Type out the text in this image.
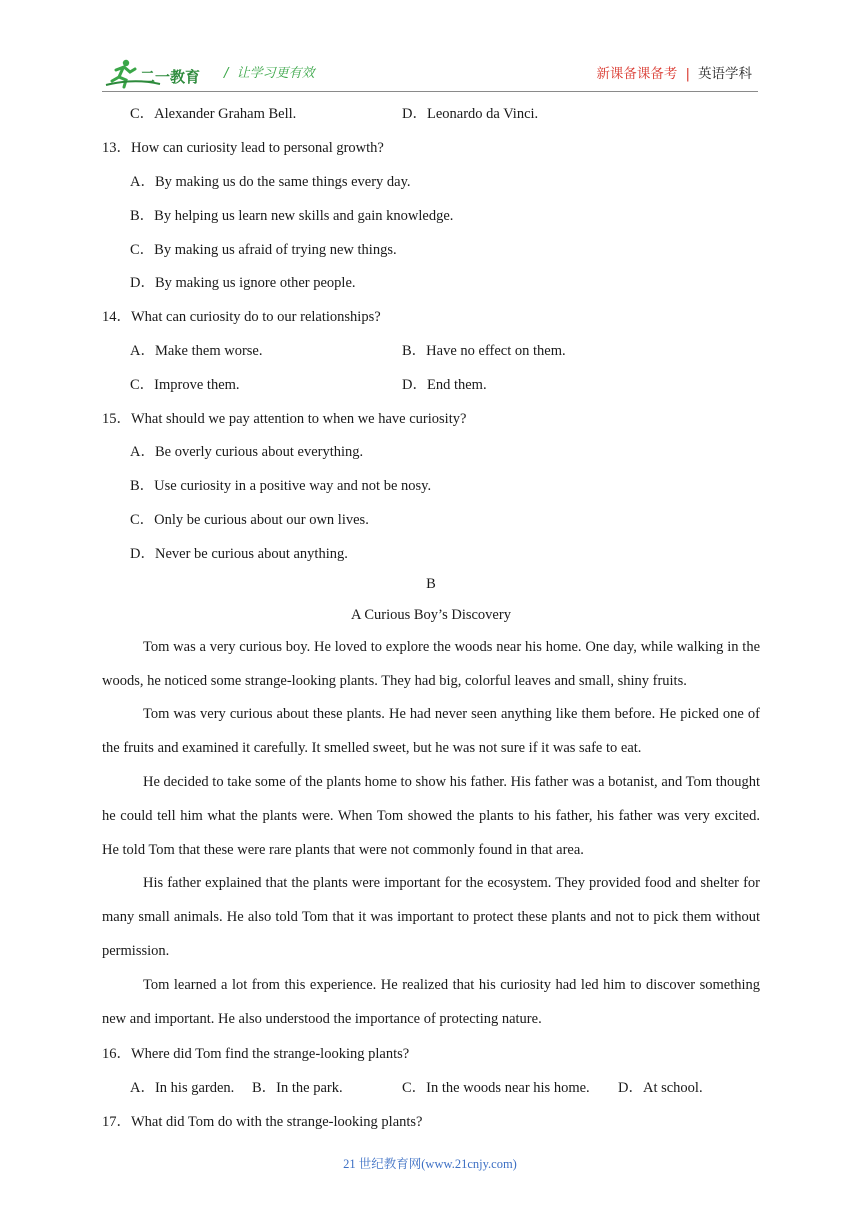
二一教育 / 让学习更有效	新课备课备考 | 英语学科
C．Alexander Graham Bell.	D．Leonardo da Vinci.
13．How can curiosity lead to personal growth?
A．By making us do the same things every day.
B．By helping us learn new skills and gain knowledge.
C．By making us afraid of trying new things.
D．By making us ignore other people.
14．What can curiosity do to our relationships?
A．Make them worse.	B．Have no effect on them.
C．Improve them.	D．End them.
15．What should we pay attention to when we have curiosity?
A．Be overly curious about everything.
B．Use curiosity in a positive way and not be nosy.
C．Only be curious about our own lives.
D．Never be curious about anything.
B
A Curious Boy’s Discovery
Tom was a very curious boy. He loved to explore the woods near his home. One day, while walking in the woods, he noticed some strange-looking plants. They had big, colorful leaves and small, shiny fruits.
Tom was very curious about these plants. He had never seen anything like them before. He picked one of the fruits and examined it carefully. It smelled sweet, but he was not sure if it was safe to eat.
He decided to take some of the plants home to show his father. His father was a botanist, and Tom thought he could tell him what the plants were. When Tom showed the plants to his father, his father was very excited. He told Tom that these were rare plants that were not commonly found in that area.
His father explained that the plants were important for the ecosystem. They provided food and shelter for many small animals. He also told Tom that it was important to protect these plants and not to pick them without permission.
Tom learned a lot from this experience. He realized that his curiosity had led him to discover something new and important. He also understood the importance of protecting nature.
16．Where did Tom find the strange-looking plants?
A．In his garden. B．In the park.	C．In the woods near his home. D．At school.
17．What did Tom do with the strange-looking plants?
21 世纪教育网(www.21cnjy.com)
